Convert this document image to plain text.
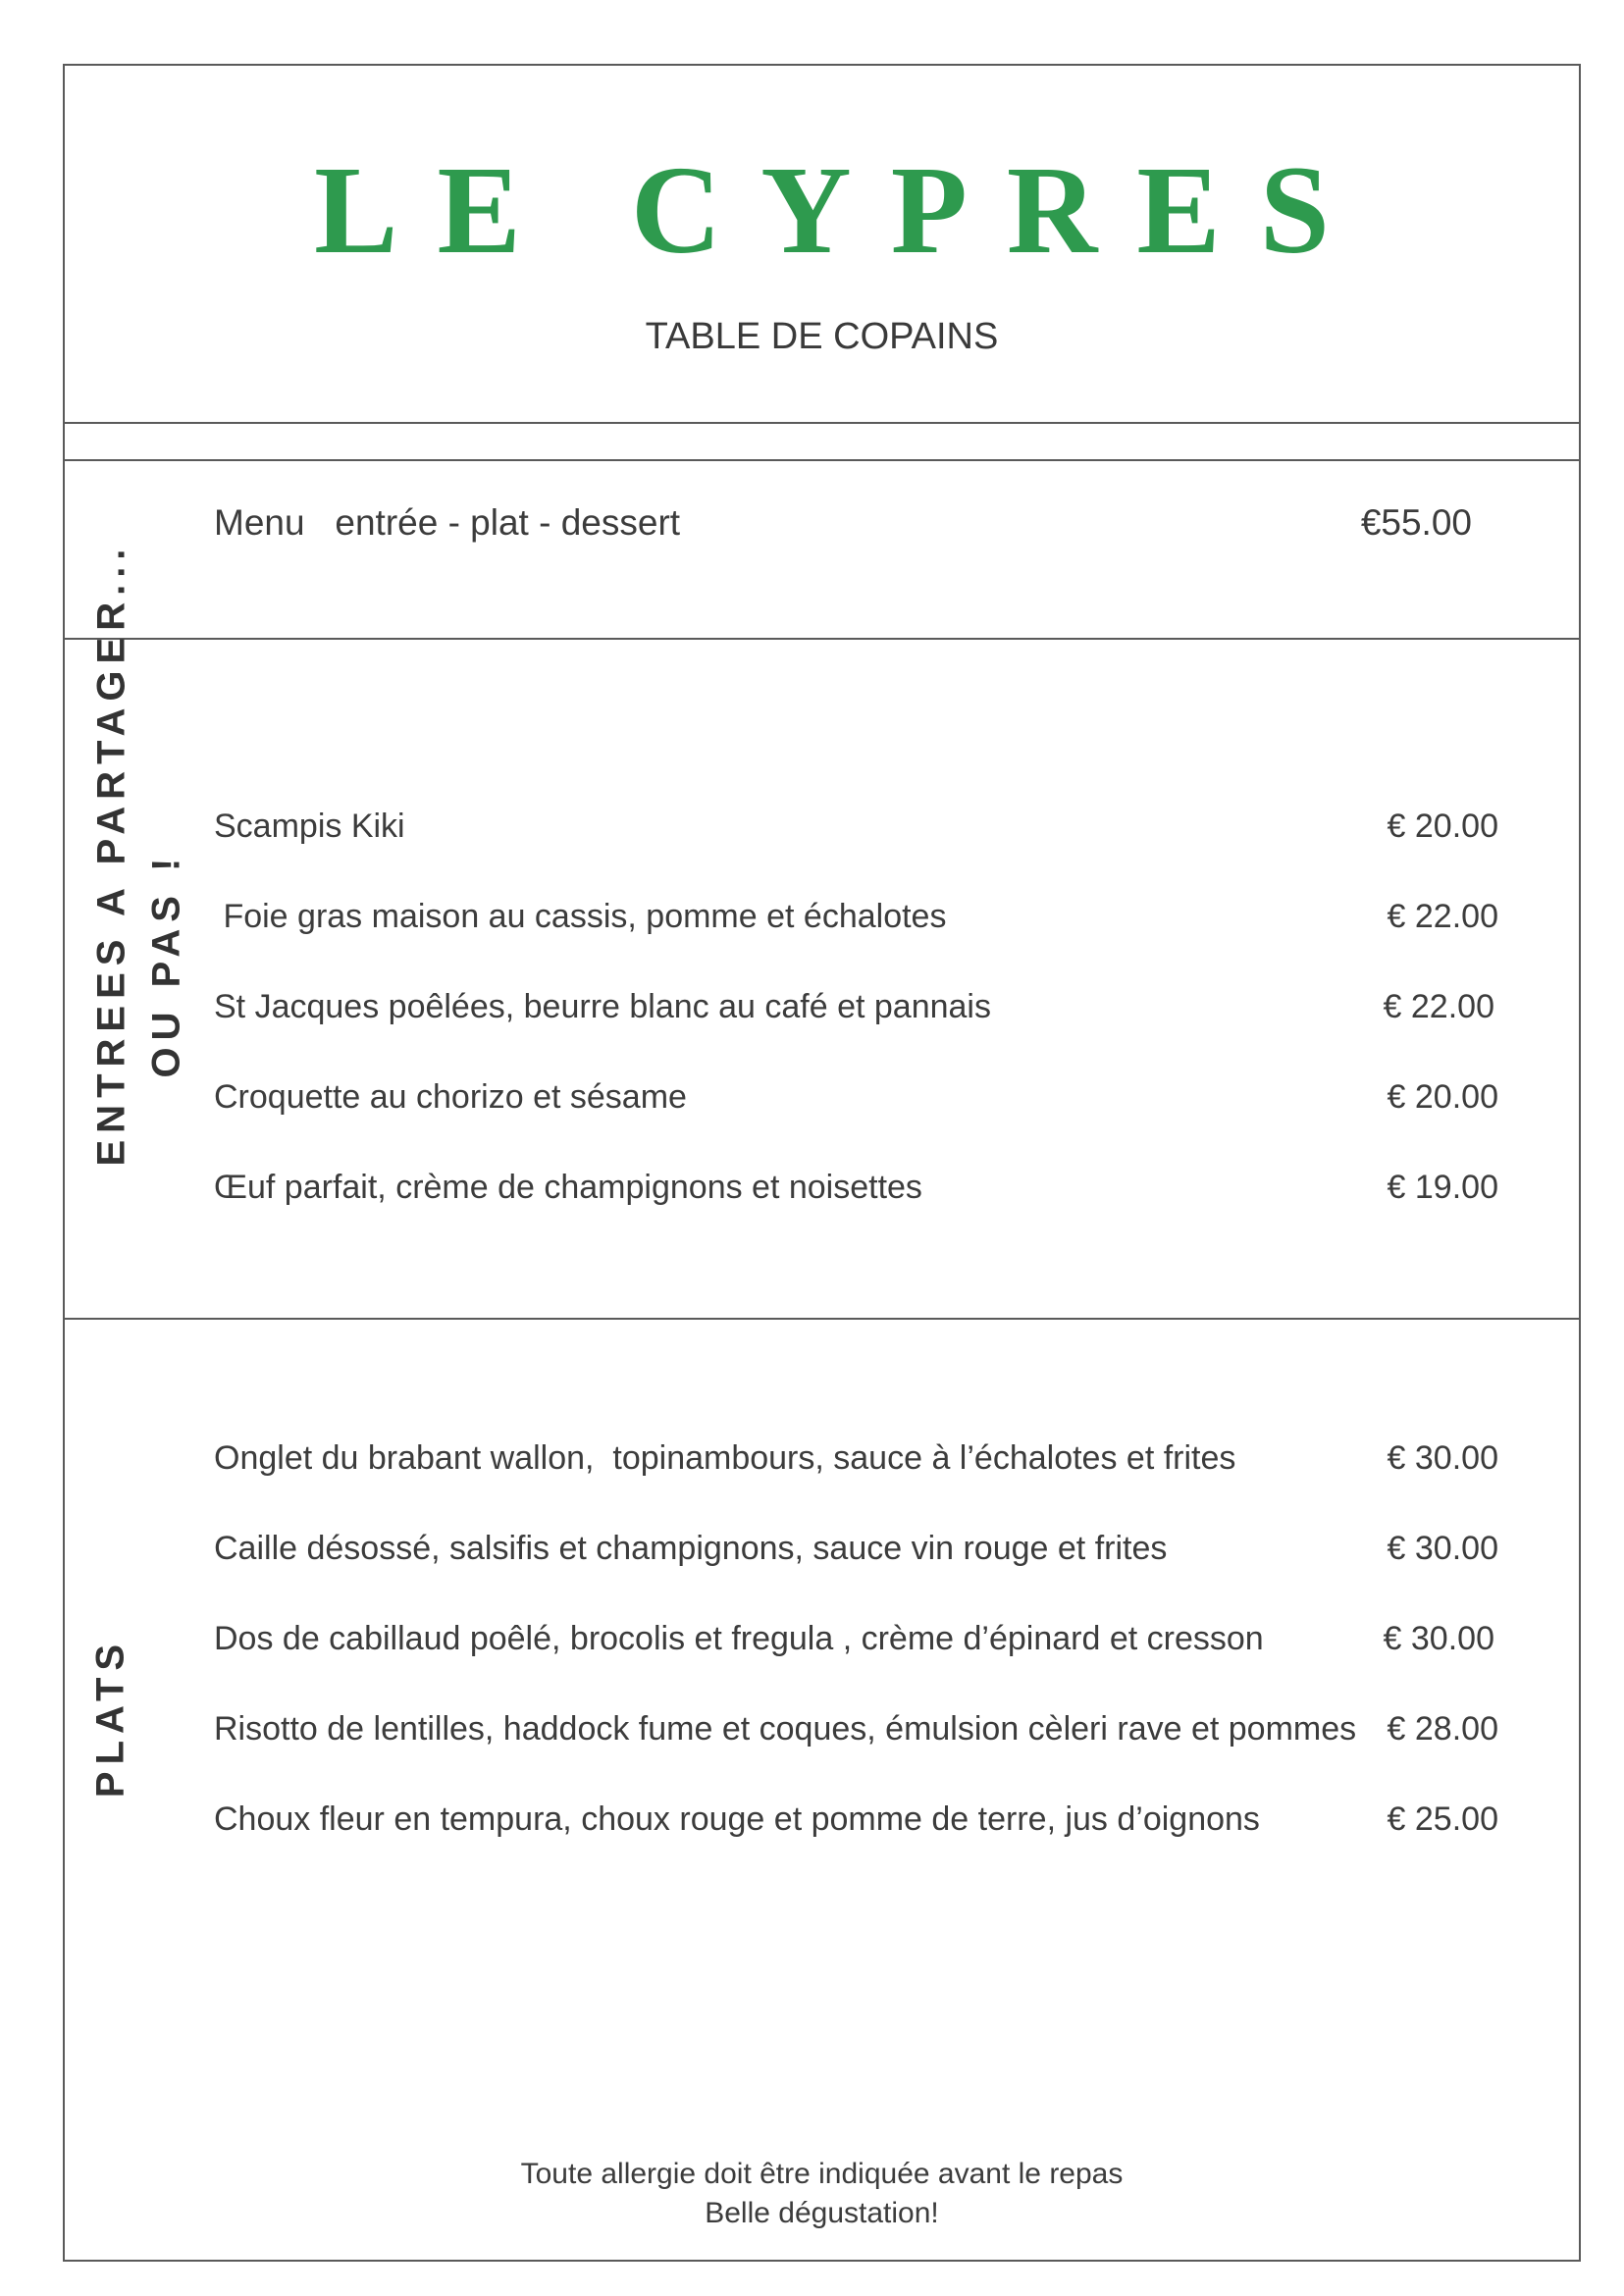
LE CYPRES
TABLE DE COPAINS
Menu   entrée - plat - dessert	€55.00
ENTREES A PARTAGER... OU PAS !
Scampis Kiki	€ 20.00
Foie gras maison au cassis, pomme et échalotes	€ 22.00
St Jacques poêlées, beurre blanc au café et pannais	€ 22.00
Croquette au chorizo et sésame	€ 20.00
Œuf parfait, crème de champignons et noisettes	€ 19.00
PLATS
Onglet du brabant wallon,  topinambours, sauce à l’échalotes et frites	€ 30.00
Caille désossé, salsifis et champignons, sauce vin rouge et frites	€ 30.00
Dos de cabillaud poêlé, brocolis et fregula , crème d’épinard et cresson	€ 30.00
Risotto de lentilles, haddock fume et coques, émulsion cèleri rave et pommes € 28.00
Choux fleur en tempura, choux rouge et pomme de terre, jus d’oignons	€ 25.00
Toute allergie doit être indiquée avant le repas
Belle dégustation!
